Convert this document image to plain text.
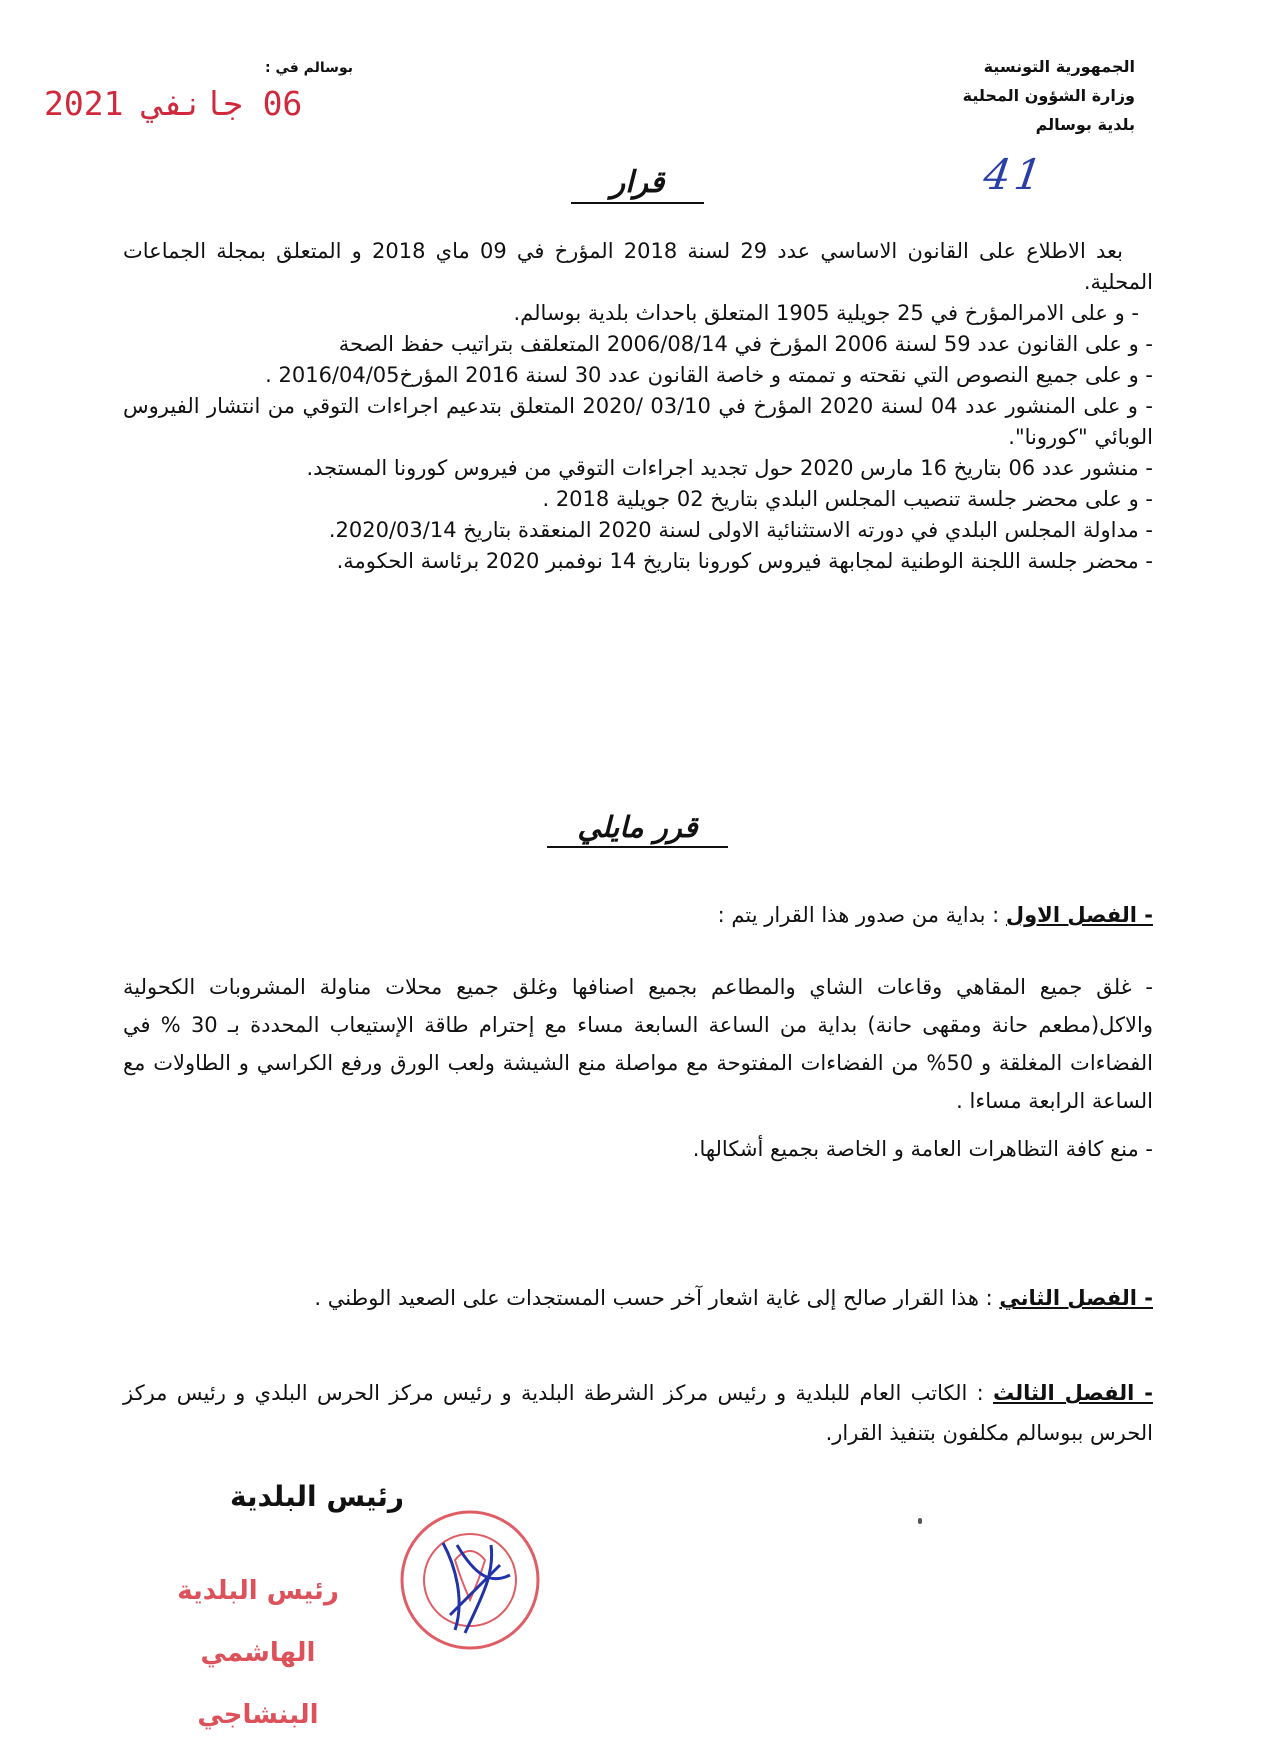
الجمهورية التونسية
وزارة الشؤون المحلية
بلدية بوسالم
بوسالم في :
06 جانفي 2021
41
قرار

بعد الاطلاع على القانون الاساسي عدد 29 لسنة 2018 المؤرخ في 09 ماي 2018 و المتعلق بمجلة الجماعات المحلية.

- و على الامرالمؤرخ في 25 جويلية 1905 المتعلق باحداث بلدية بوسالم.

- و على القانون عدد 59 لسنة 2006 المؤرخ في 2006/08/14 المتعلقف بتراتيب حفظ الصحة

- و على جميع النصوص التي نقحته و تممته و خاصة القانون عدد 30 لسنة 2016 المؤرخ2016/04/05 .

- و على المنشور عدد 04 لسنة 2020 المؤرخ في 03/10 /2020 المتعلق بتدعيم اجراءات التوقي من انتشار الفيروس الوبائي "كورونا".

- منشور عدد 06 بتاريخ 16 مارس 2020 حول تجديد اجراءات التوقي من فيروس كورونا المستجد.

- و على محضر جلسة تنصيب المجلس البلدي بتاريخ 02 جويلية 2018 .

- مداولة المجلس البلدي في دورته الاستثنائية الاولى لسنة 2020 المنعقدة بتاريخ 2020/03/14.

- محضر جلسة اللجنة الوطنية لمجابهة فيروس كورونا بتاريخ 14 نوفمبر 2020 برئاسة الحكومة.

قرر مايلي

- الفصل الاول : بداية من صدور هذا القرار يتم :

- غلق جميع المقاهي وقاعات الشاي والمطاعم بجميع اصنافها وغلق جميع محلات مناولة المشروبات الكحولية والاكل(مطعم حانة ومقهى حانة) بداية من الساعة السابعة مساء مع إحترام طاقة الإستيعاب المحددة بـ 30 % في الفضاءات المغلقة و 50% من الفضاءات المفتوحة مع مواصلة منع الشيشة ولعب الورق ورفع الكراسي و الطاولات مع الساعة الرابعة مساءا .

- منع كافة التظاهرات العامة و الخاصة بجميع أشكالها.

- الفصل الثاني : هذا القرار صالح إلى غاية اشعار آخر حسب المستجدات على الصعيد الوطني .

- الفصل الثالث : الكاتب العام للبلدية و رئيس مركز الشرطة البلدية و رئيس مركز الحرس البلدي و رئيس مركز الحرس ببوسالم مكلفون بتنفيذ القرار.

رئيس البلدية
رئيس البلدية
الهاشمي البنشاجي
